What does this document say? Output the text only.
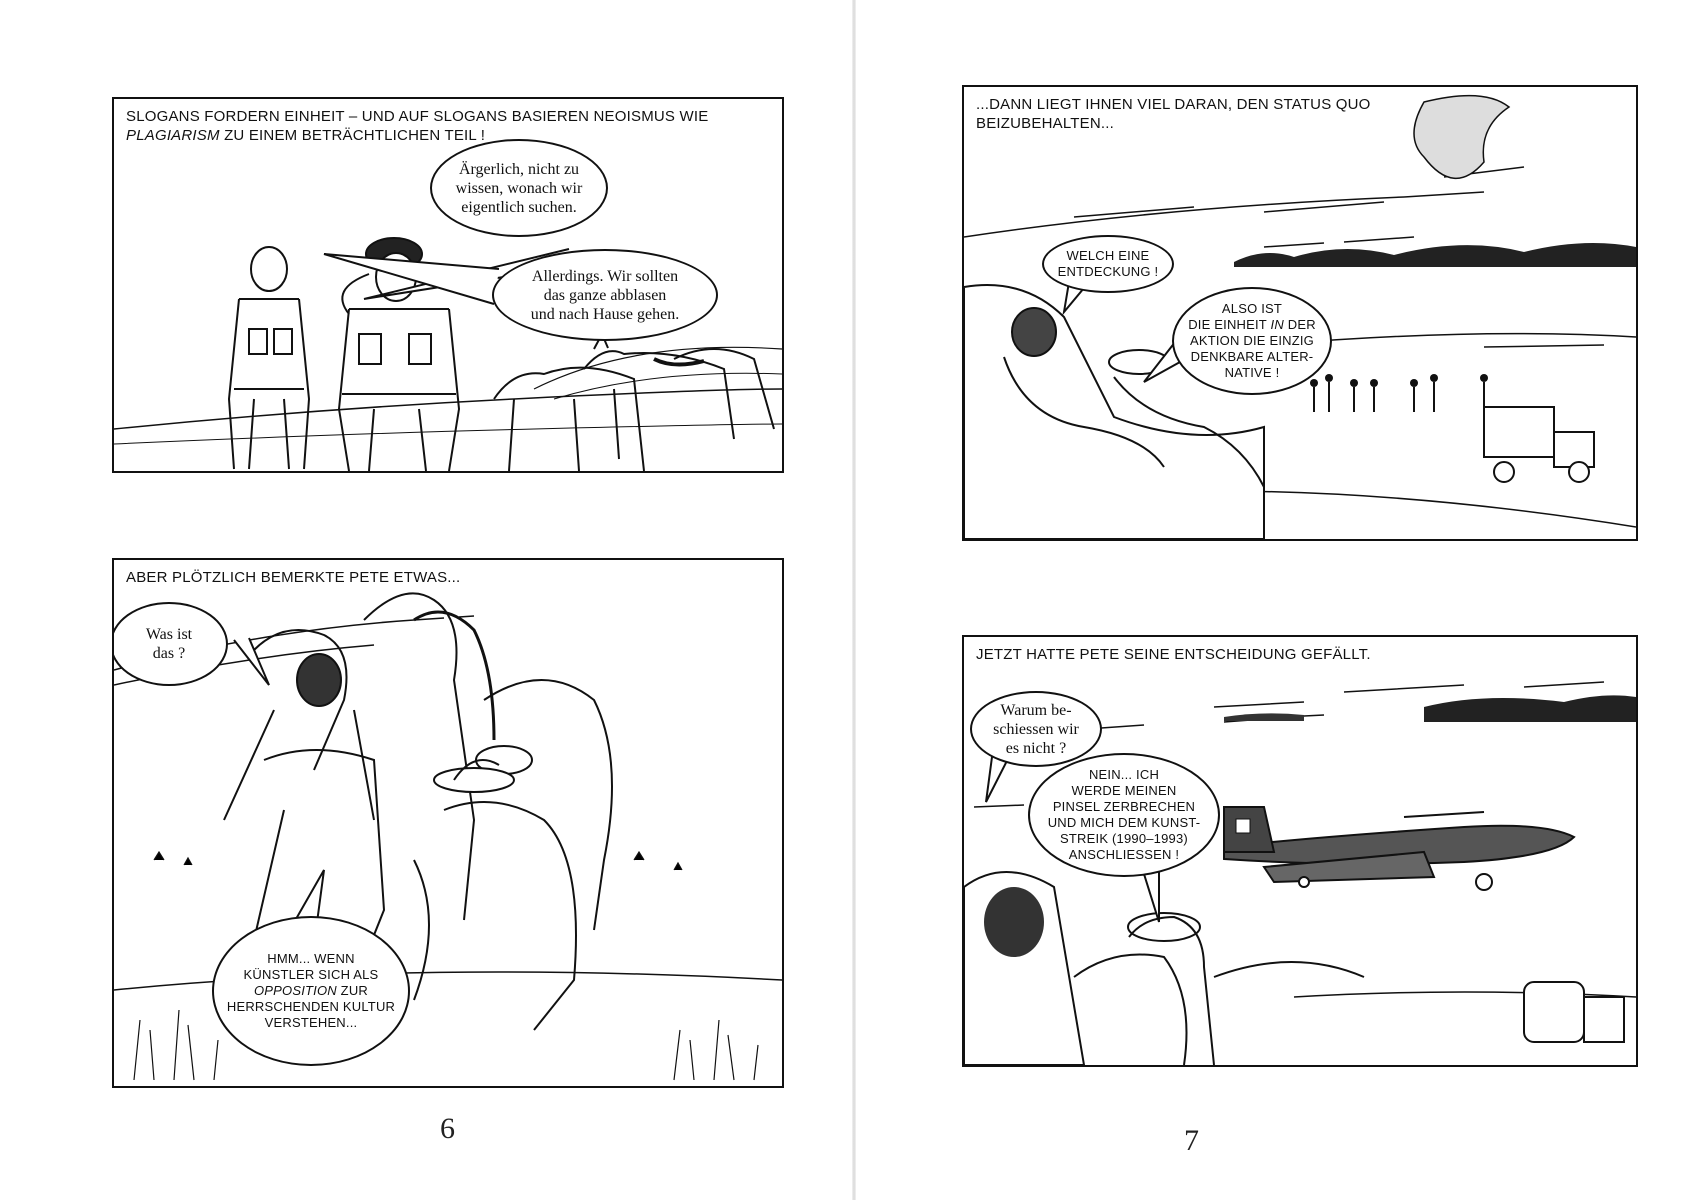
SLOGANS FORDERN EINHEIT – UND AUF SLOGANS BASIEREN NEOISMUS WIE
PLAGIARISM ZU EINEM BETRÄCHTLICHEN TEIL !
Ärgerlich, nicht zu
wissen, wonach wir
eigentlich suchen.
Allerdings. Wir sollten
das ganze abblasen
und nach Hause gehen.
ABER PLÖTZLICH BEMERKTE PETE ETWAS...
Was ist
das ?
HMM... WENN
KÜNSTLER SICH ALS
OPPOSITION ZUR
HERRSCHENDEN KULTUR
VERSTEHEN...
6
...DANN LIEGT IHNEN VIEL DARAN, DEN STATUS QUO
BEIZUBEHALTEN...
WELCH EINE
ENTDECKUNG !
ALSO IST
DIE EINHEIT IN DER
AKTION DIE EINZIG
DENKBARE ALTER-
NATIVE !
JETZT HATTE PETE SEINE ENTSCHEIDUNG GEFÄLLT.
Warum be-
schiessen wir
es nicht ?
NEIN... ICH
WERDE MEINEN
PINSEL ZERBRECHEN
UND MICH DEM KUNST-
STREIK (1990–1993)
ANSCHLIESSEN !
7
